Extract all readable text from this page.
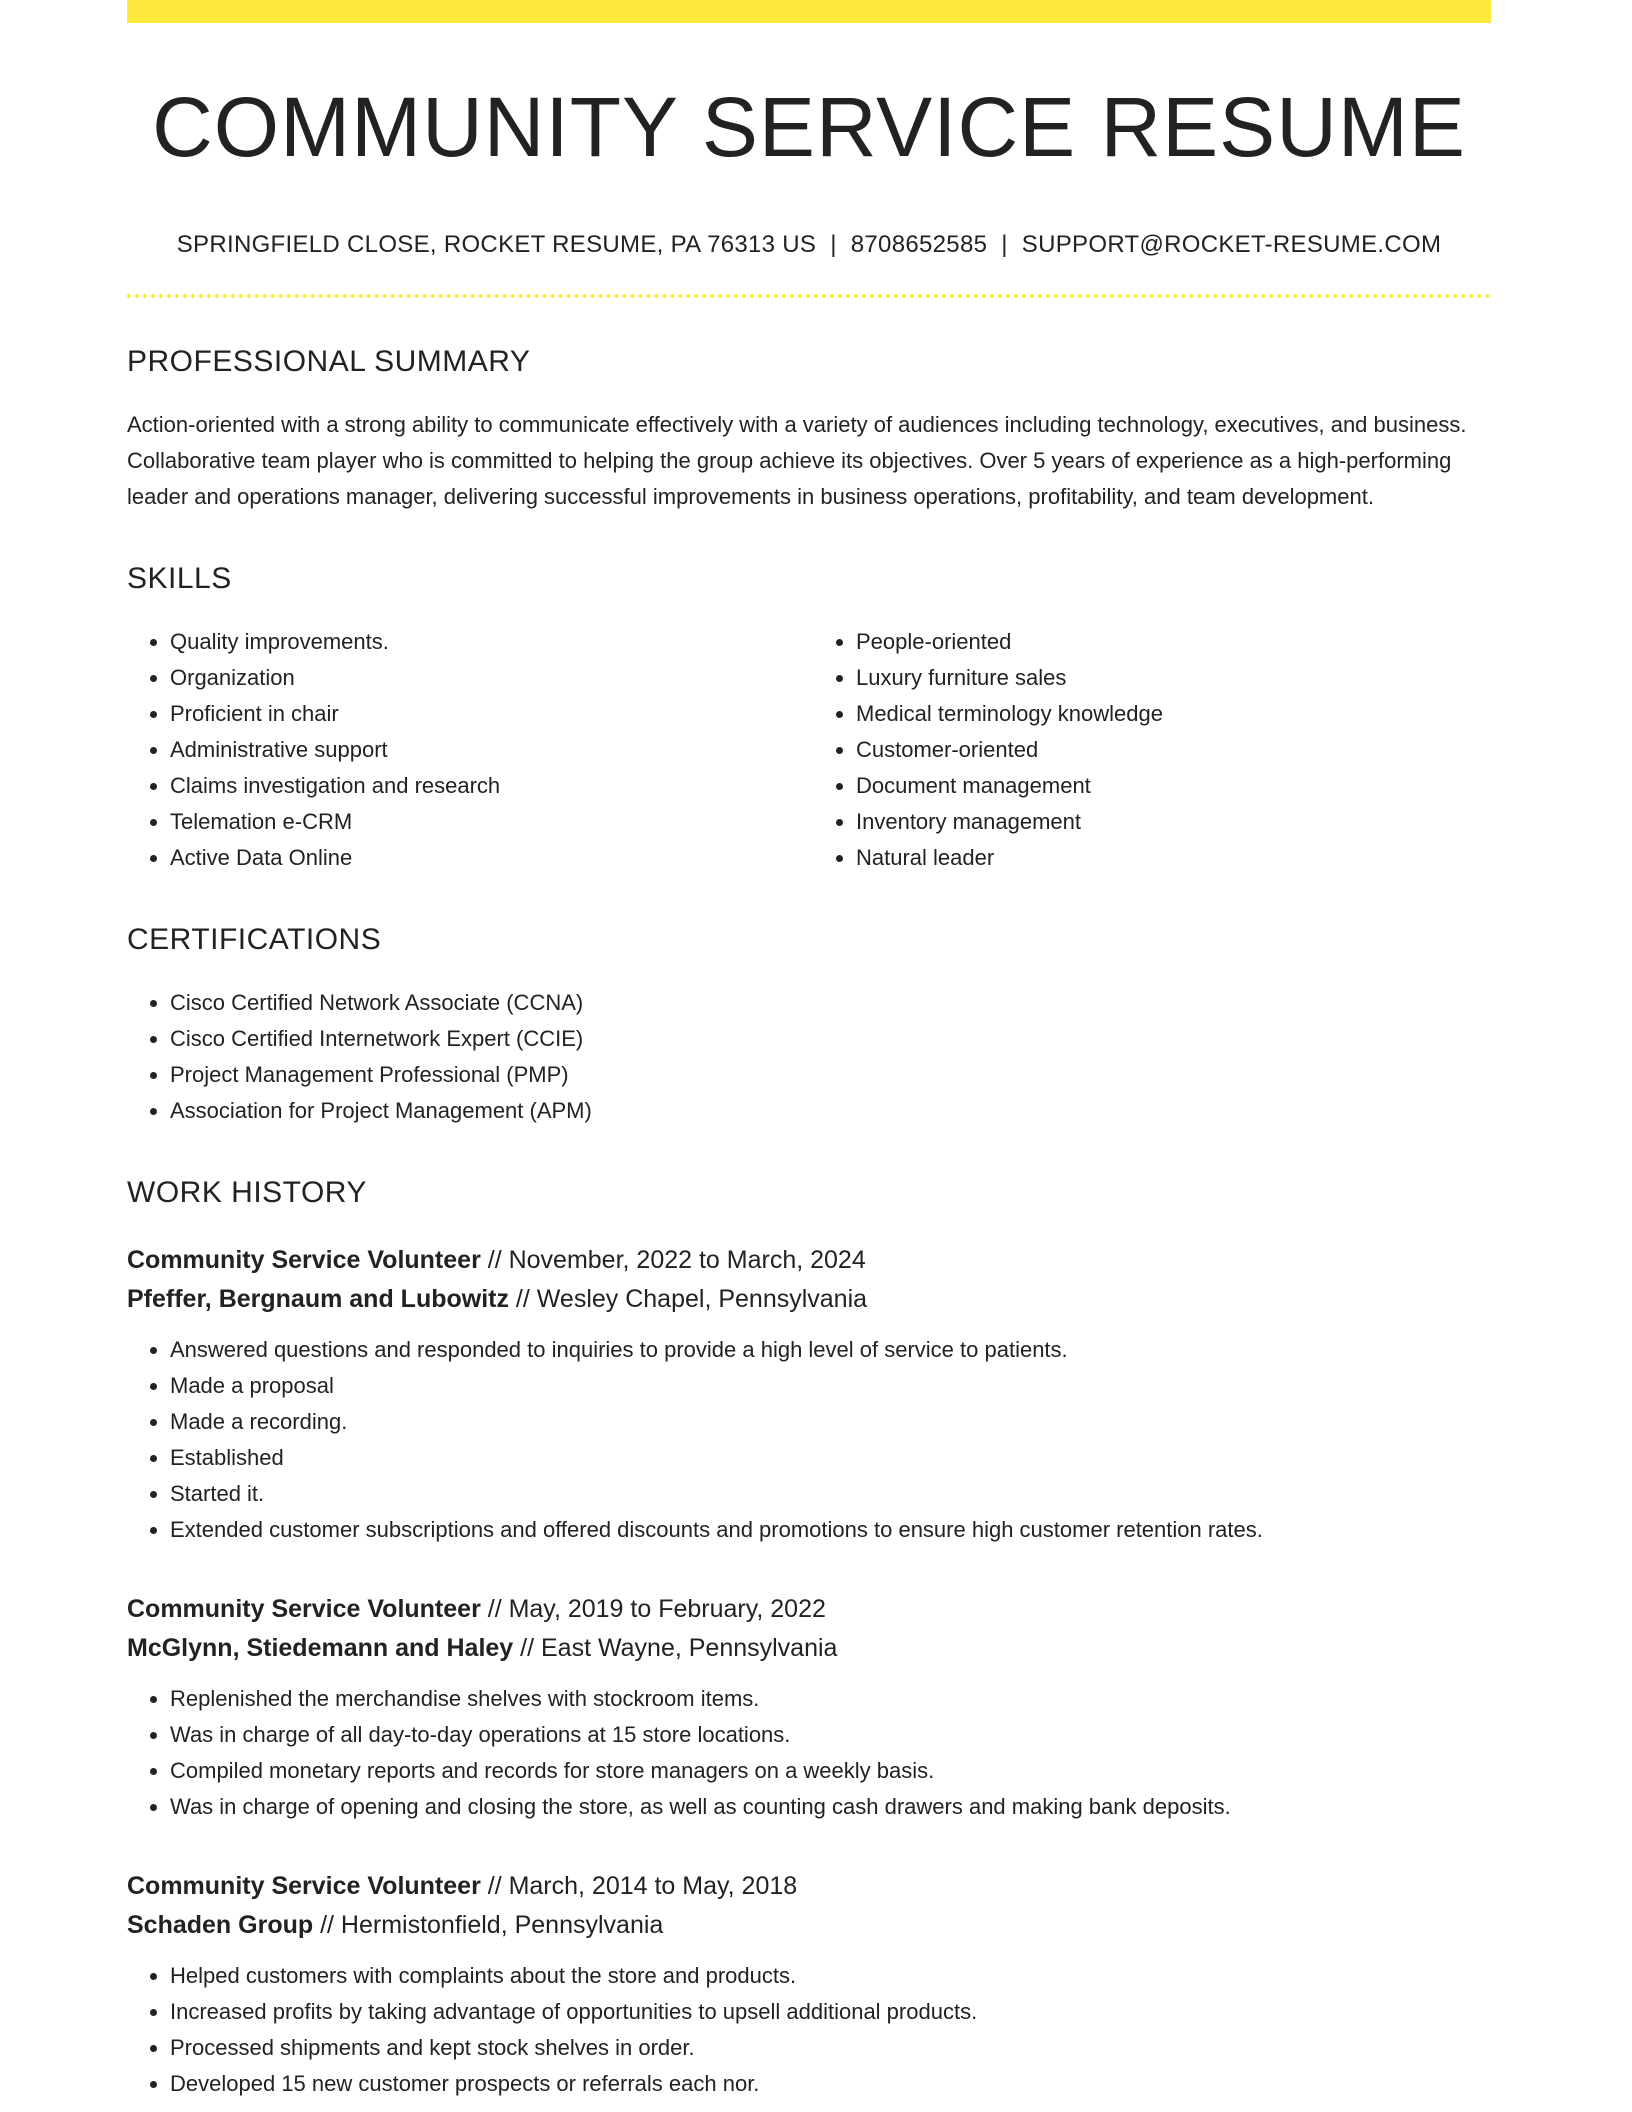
COMMUNITY SERVICE RESUME
SPRINGFIELD CLOSE, ROCKET RESUME, PA 76313 US | 8708652585 | SUPPORT@ROCKET-RESUME.COM
PROFESSIONAL SUMMARY

Action-oriented with a strong ability to communicate effectively with a variety of audiences including technology, executives, and business. Collaborative team player who is committed to helping the group achieve its objectives. Over 5 years of experience as a high-performing leader and operations manager, delivering successful improvements in business operations, profitability, and team development.

SKILLS
• Quality improvements.
• Organization
• Proficient in chair
• Administrative support
• Claims investigation and research
• Telemation e-CRM
• Active Data Online
• People-oriented
• Luxury furniture sales
• Medical terminology knowledge
• Customer-oriented
• Document management
• Inventory management
• Natural leader
CERTIFICATIONS
• Cisco Certified Network Associate (CCNA)
• Cisco Certified Internetwork Expert (CCIE)
• Project Management Professional (PMP)
• Association for Project Management (APM)
WORK HISTORY
Community Service Volunteer // November, 2022 to March, 2024
Pfeffer, Bergnaum and Lubowitz // Wesley Chapel, Pennsylvania
• Answered questions and responded to inquiries to provide a high level of service to patients.
• Made a proposal
• Made a recording.
• Established
• Started it.
• Extended customer subscriptions and offered discounts and promotions to ensure high customer retention rates.
Community Service Volunteer // May, 2019 to February, 2022
McGlynn, Stiedemann and Haley // East Wayne, Pennsylvania
• Replenished the merchandise shelves with stockroom items.
• Was in charge of all day-to-day operations at 15 store locations.
• Compiled monetary reports and records for store managers on a weekly basis.
• Was in charge of opening and closing the store, as well as counting cash drawers and making bank deposits.
Community Service Volunteer // March, 2014 to May, 2018
Schaden Group // Hermistonfield, Pennsylvania
• Helped customers with complaints about the store and products.
• Increased profits by taking advantage of opportunities to upsell additional products.
• Processed shipments and kept stock shelves in order.
• Developed 15 new customer prospects or referrals each nor.
